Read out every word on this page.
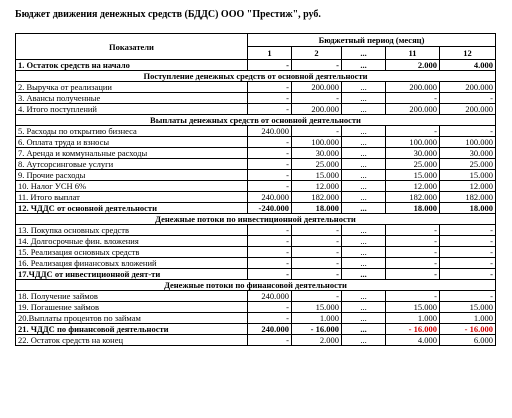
Бюджет движения денежных средств (БДДС) ООО "Престиж", руб.
Показатели	Бюджетный период (месяц)				
	1	2	...	11	12
1. Остаток средств на начало	-	-	...	2.000	4.000
Поступление денежных средств от основной деятельности					
2. Выручка от реализации	-	200.000	...	200.000	200.000
3. Авансы полученные	-	-	...	-	-
4. Итого поступлений	-	200.000	...	200.000	200.000
Выплаты денежных средств от основной деятельности					
5. Расходы по открытию бизнеса	240.000	-	...	-	-
6. Оплата труда и взносы	-	100.000	...	100.000	100.000
7. Аренда и коммунальные расходы	-	30.000	...	30.000	30.000
8. Аутсорсинговые услуги	-	25.000	...	25.000	25.000
9. Прочие расходы	-	15.000	...	15.000	15.000
10. Налог УСН 6%	-	12.000	...	12.000	12.000
11. Итого выплат	240.000	182.000	...	182.000	182.000
12. ЧДДС от основной деятельности	-240.000	18.000	...	18.000	18.000
Денежные потоки по инвестиционной деятельности					
13. Покупка основных средств	-	-	...	-	-
14. Долгосрочные фин. вложения	-	-	...	-	-
15. Реализация основных средств	-	-	...	-	-
16. Реализация финансовых вложений	-	-	...	-	-
17.ЧДДС от инвестиционной деят-ти	-	-	...	-	-
Денежные потоки по финансовой деятельности					
18. Получение займов	240.000	-	...	-	-
19. Погашение займов	-	15.000	...	15.000	15.000
20.Выплаты процентов по займам	-	1.000	...	1.000	1.000
21. ЧДДС по финансовой деятельности	240.000	- 16.000	...	- 16.000	- 16.000
22. Остаток средств на конец	-	2.000	...	4.000	6.000
